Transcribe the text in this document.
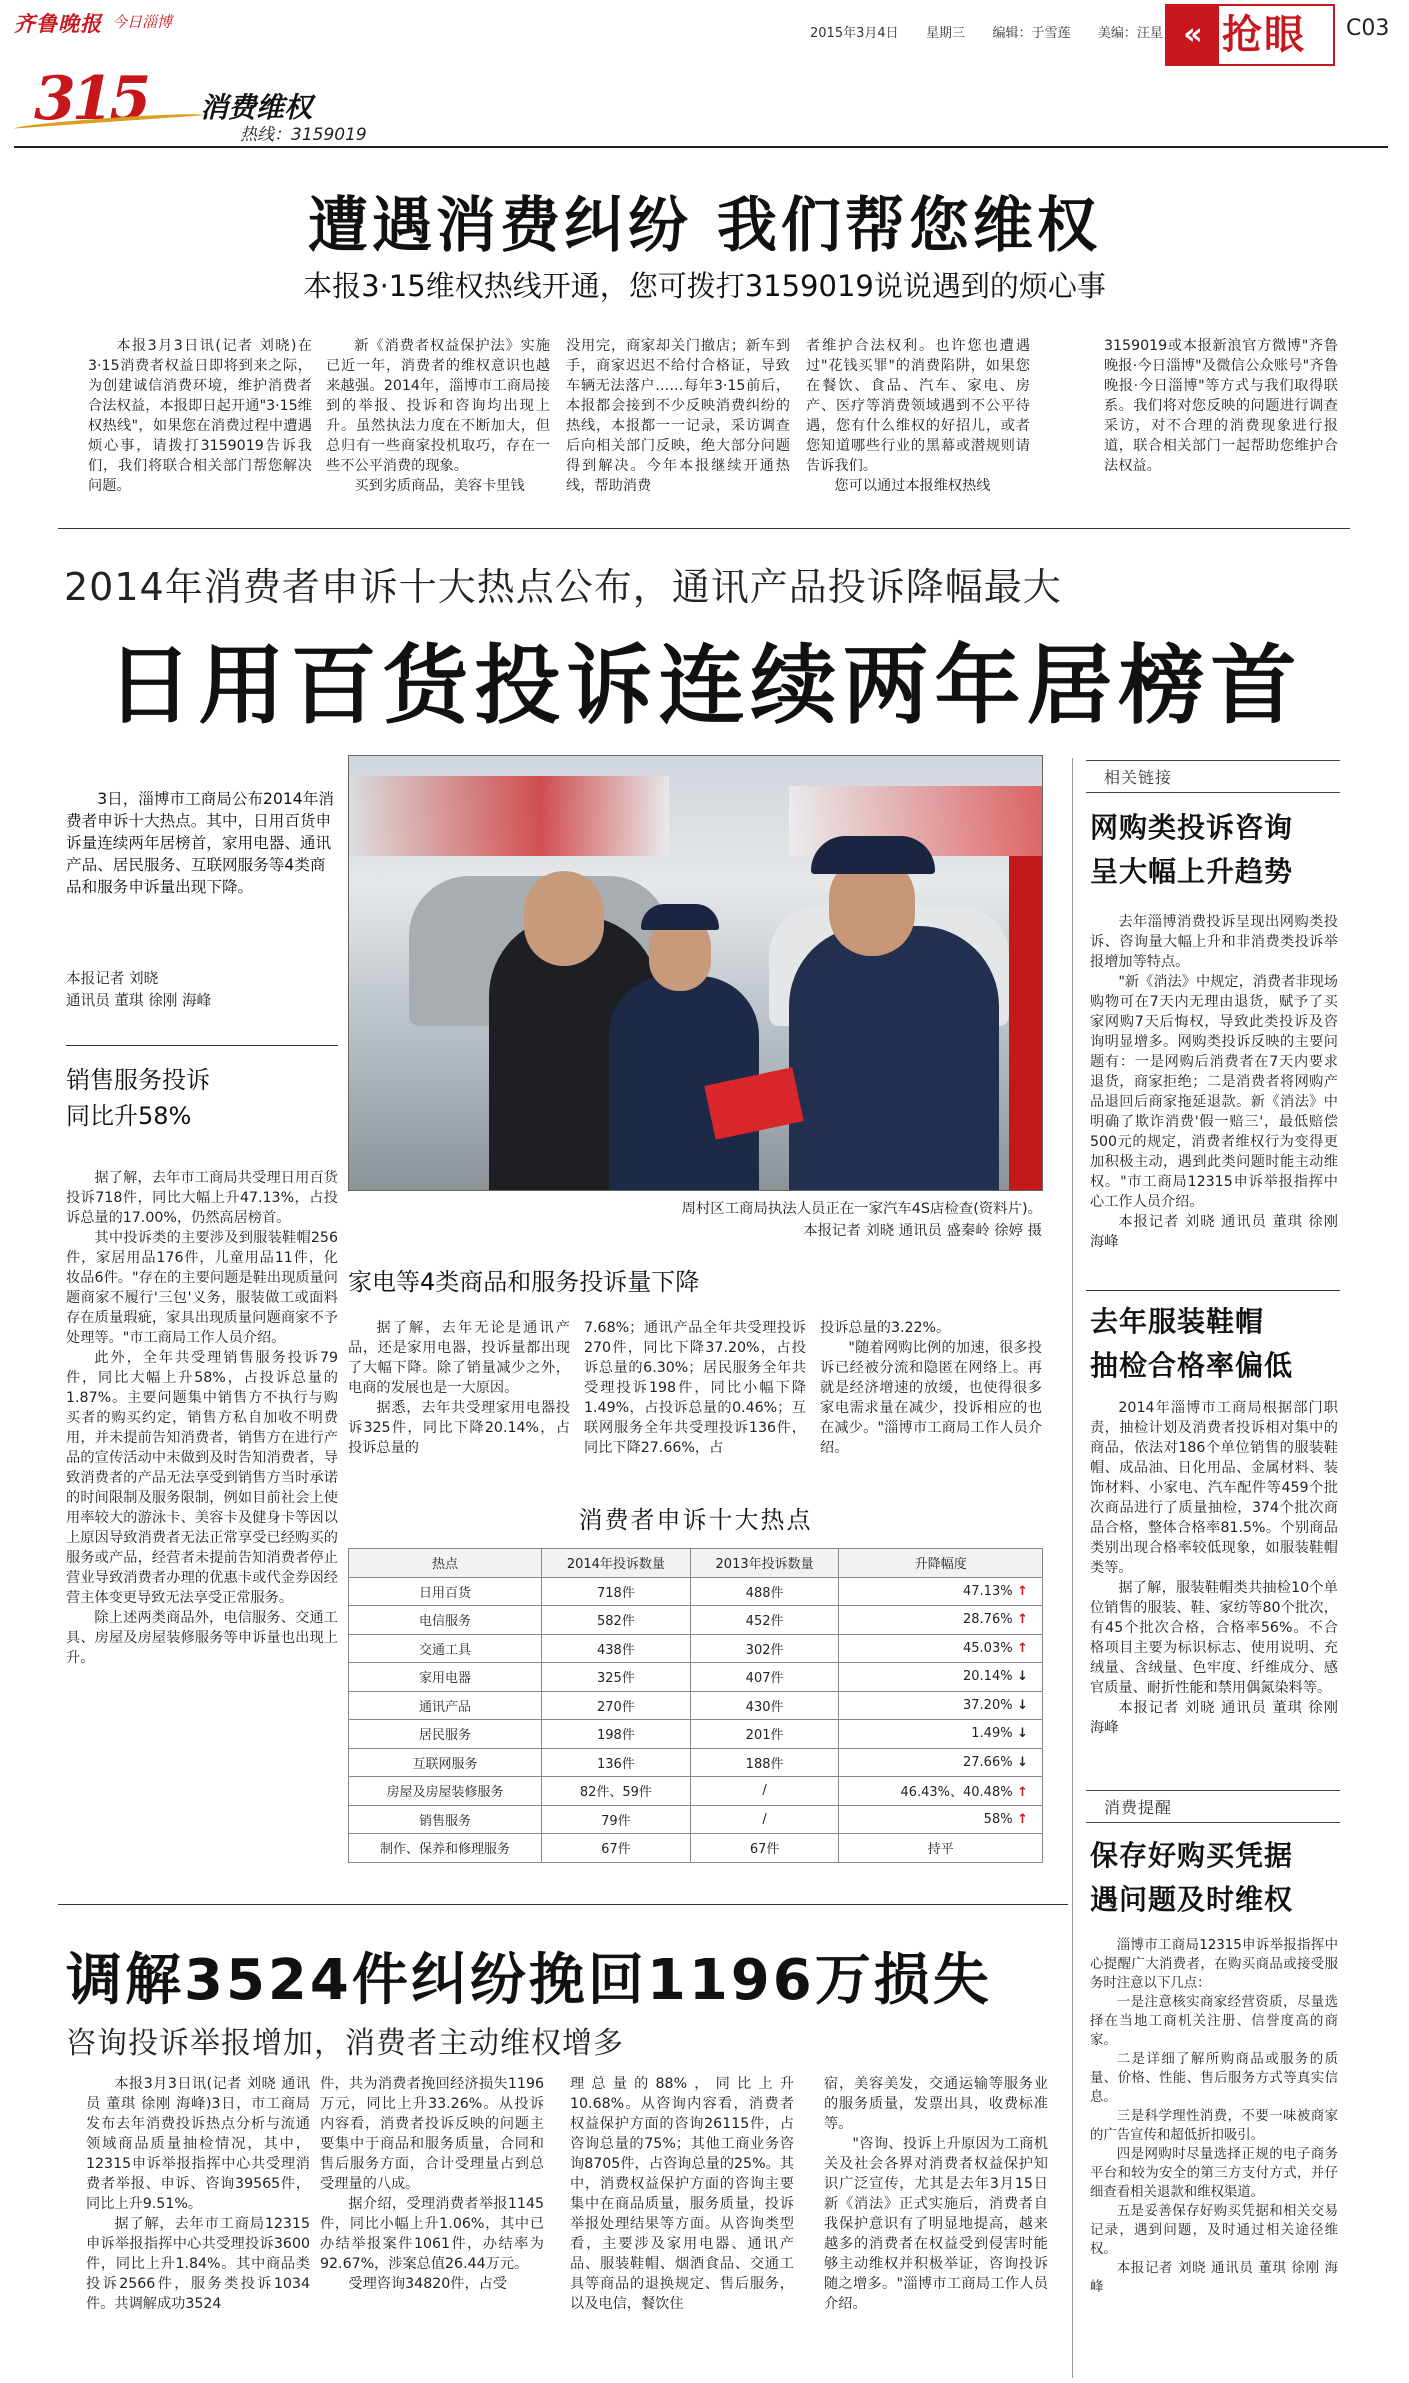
齐鲁晚报 今日淄博
2015年3月4日 星期三 编辑：于雪莲 美编：汪星 « 抢眼 C03
315 消费维权
热线：3159019
遭遇消费纠纷 我们帮您维权
本报3·15维权热线开通，您可拨打3159019说说遇到的烦心事

本报3月3日讯(记者 刘晓)在3·15消费者权益日即将到来之际，为创建诚信消费环境，维护消费者合法权益，本报即日起开通"3·15维权热线"，如果您在消费过程中遭遇烦心事，请拨打3159019告诉我们，我们将联合相关部门帮您解决问题。

新《消费者权益保护法》实施已近一年，消费者的维权意识也越来越强。2014年，淄博市工商局接到的举报、投诉和咨询均出现上升。虽然执法力度在不断加大，但总归有一些商家投机取巧，存在一些不公平消费的现象。

买到劣质商品，美容卡里钱

没用完，商家却关门撤店；新车到手，商家迟迟不给付合格证，导致车辆无法落户……每年3·15前后，本报都会接到不少反映消费纠纷的热线，本报都一一记录，采访调查后向相关部门反映，绝大部分问题得到解决。今年本报继续开通热线，帮助消费

者维护合法权利。也许您也遭遇过"花钱买罪"的消费陷阱，如果您在餐饮、食品、汽车、家电、房产、医疗等消费领域遇到不公平待遇，您有什么维权的好招儿，或者您知道哪些行业的黑幕或潜规则请告诉我们。

您可以通过本报维权热线

3159019或本报新浪官方微博"齐鲁晚报·今日淄博"及微信公众账号"齐鲁晚报·今日淄博"等方式与我们取得联系。我们将对您反映的问题进行调查采访，对不合理的消费现象进行报道，联合相关部门一起帮助您维护合法权益。

2014年消费者申诉十大热点公布，通讯产品投诉降幅最大
日用百货投诉连续两年居榜首

3日，淄博市工商局公布2014年消费者申诉十大热点。其中，日用百货申诉量连续两年居榜首，家用电器、通讯产品、居民服务、互联网服务等4类商品和服务申诉量出现下降。

本报记者 刘晓
通讯员 董琪 徐刚 海峰
销售服务投诉
同比升58%

据了解，去年市工商局共受理日用百货投诉718件，同比大幅上升47.13%，占投诉总量的17.00%，仍然高居榜首。

其中投诉类的主要涉及到服装鞋帽256件，家居用品176件，儿童用品11件，化妆品6件。"存在的主要问题是鞋出现质量问题商家不履行'三包'义务，服装做工或面料存在质量瑕疵，家具出现质量问题商家不予处理等。"市工商局工作人员介绍。

此外，全年共受理销售服务投诉79件，同比大幅上升58%，占投诉总量的1.87%。主要问题集中销售方不执行与购买者的购买约定，销售方私自加收不明费用，并未提前告知消费者，销售方在进行产品的宣传活动中未做到及时告知消费者，导致消费者的产品无法享受到销售方当时承诺的时间限制及服务限制，例如目前社会上使用率较大的游泳卡、美容卡及健身卡等因以上原因导致消费者无法正常享受已经购买的服务或产品，经营者未提前告知消费者停止营业导致消费者办理的优惠卡或代金券因经营主体变更导致无法享受正常服务。

除上述两类商品外，电信服务、交通工具、房屋及房屋装修服务等申诉量也出现上升。

周村区工商局执法人员正在一家汽车4S店检查(资料片)。
本报记者 刘晓 通讯员 盛秦岭 徐婷 摄
家电等4类商品和服务投诉量下降

据了解，去年无论是通讯产品，还是家用电器，投诉量都出现了大幅下降。除了销量减少之外，电商的发展也是一大原因。

据悉，去年共受理家用电器投诉325件，同比下降20.14%，占投诉总量的

7.68%；通讯产品全年共受理投诉270件，同比下降37.20%，占投诉总量的6.30%；居民服务全年共受理投诉198件，同比小幅下降1.49%，占投诉总量的0.46%；互联网服务全年共受理投诉136件，同比下降27.66%，占

投诉总量的3.22%。

"随着网购比例的加速，很多投诉已经被分流和隐匿在网络上。再就是经济增速的放缓，也使得很多家电需求量在减少，投诉相应的也在减少。"淄博市工商局工作人员介绍。

消费者申诉十大热点
热点	2014年投诉数量	2013年投诉数量	升降幅度
日用百货	718件	488件	47.13% ↑
电信服务	582件	452件	28.76% ↑
交通工具	438件	302件	45.03% ↑
家用电器	325件	407件	20.14% ↓
通讯产品	270件	430件	37.20% ↓
居民服务	198件	201件	1.49% ↓
互联网服务	136件	188件	27.66% ↓
房屋及房屋装修服务	82件、59件	/	46.43%、40.48% ↑
销售服务	79件	/	58% ↑
制作、保养和修理服务	67件	67件	持平
调解3524件纠纷挽回1196万损失
咨询投诉举报增加，消费者主动维权增多

本报3月3日讯(记者 刘晓 通讯员 董琪 徐刚 海峰)3日，市工商局发布去年消费投诉热点分析与流通领域商品质量抽检情况，其中，12315申诉举报指挥中心共受理消费者举报、申诉、咨询39565件，同比上升9.51%。

据了解，去年市工商局12315申诉举报指挥中心共受理投诉3600件，同比上升1.84%。其中商品类投诉2566件，服务类投诉1034件。共调解成功3524

件，共为消费者挽回经济损失1196万元，同比上升33.26%。从投诉内容看，消费者投诉反映的问题主要集中于商品和服务质量，合同和售后服务方面，合计受理量占到总受理量的八成。

据介绍，受理消费者举报1145件，同比小幅上升1.06%，其中已办结举报案件1061件，办结率为92.67%，涉案总值26.44万元。

受理咨询34820件，占受

理总量的88%，同比上升10.68%。从咨询内容看，消费者权益保护方面的咨询26115件，占咨询总量的75%；其他工商业务咨询8705件，占咨询总量的25%。其中，消费权益保护方面的咨询主要集中在商品质量，服务质量，投诉举报处理结果等方面。从咨询类型看，主要涉及家用电器、通讯产品、服装鞋帽、烟酒食品、交通工具等商品的退换规定、售后服务，以及电信，餐饮住

宿，美容美发，交通运输等服务业的服务质量，发票出具，收费标准等。

"咨询、投诉上升原因为工商机关及社会各界对消费者权益保护知识广泛宣传，尤其是去年3月15日新《消法》正式实施后，消费者自我保护意识有了明显地提高，越来越多的消费者在权益受到侵害时能够主动维权并积极举证，咨询投诉随之增多。"淄博市工商局工作人员介绍。

相关链接
网购类投诉咨询
呈大幅上升趋势

去年淄博消费投诉呈现出网购类投诉、咨询量大幅上升和非消费类投诉举报增加等特点。

"新《消法》中规定，消费者非现场购物可在7天内无理由退货，赋予了买家网购7天后悔权，导致此类投诉及咨询明显增多。网购类投诉反映的主要问题有：一是网购后消费者在7天内要求退货，商家拒绝；二是消费者将网购产品退回后商家拖延退款。新《消法》中明确了欺诈消费'假一赔三'，最低赔偿500元的规定，消费者维权行为变得更加积极主动，遇到此类问题时能主动维权。"市工商局12315申诉举报指挥中心工作人员介绍。

本报记者 刘晓 通讯员 董琪 徐刚 海峰

去年服装鞋帽
抽检合格率偏低

2014年淄博市工商局根据部门职责，抽检计划及消费者投诉相对集中的商品，依法对186个单位销售的服装鞋帽、成品油、日化用品、金属材料、装饰材料、小家电、汽车配件等459个批次商品进行了质量抽检，374个批次商品合格，整体合格率81.5%。个别商品类别出现合格率较低现象，如服装鞋帽类等。

据了解，服装鞋帽类共抽检10个单位销售的服装、鞋、家纺等80个批次，有45个批次合格，合格率56%。不合格项目主要为标识标志、使用说明、充绒量、含绒量、色牢度、纤维成分、感官质量、耐折性能和禁用偶氮染料等。

本报记者 刘晓 通讯员 董琪 徐刚 海峰

消费提醒
保存好购买凭据
遇问题及时维权

淄博市工商局12315申诉举报指挥中心提醒广大消费者，在购买商品或接受服务时注意以下几点：

一是注意核实商家经营资质，尽量选择在当地工商机关注册、信誉度高的商家。

二是详细了解所购商品或服务的质量、价格、性能、售后服务方式等真实信息。

三是科学理性消费，不要一味被商家的广告宣传和超低折扣吸引。

四是网购时尽量选择正规的电子商务平台和较为安全的第三方支付方式，并仔细查看相关退款和维权渠道。

五是妥善保存好购买凭据和相关交易记录，遇到问题，及时通过相关途径维权。

本报记者 刘晓 通讯员 董琪 徐刚 海峰
